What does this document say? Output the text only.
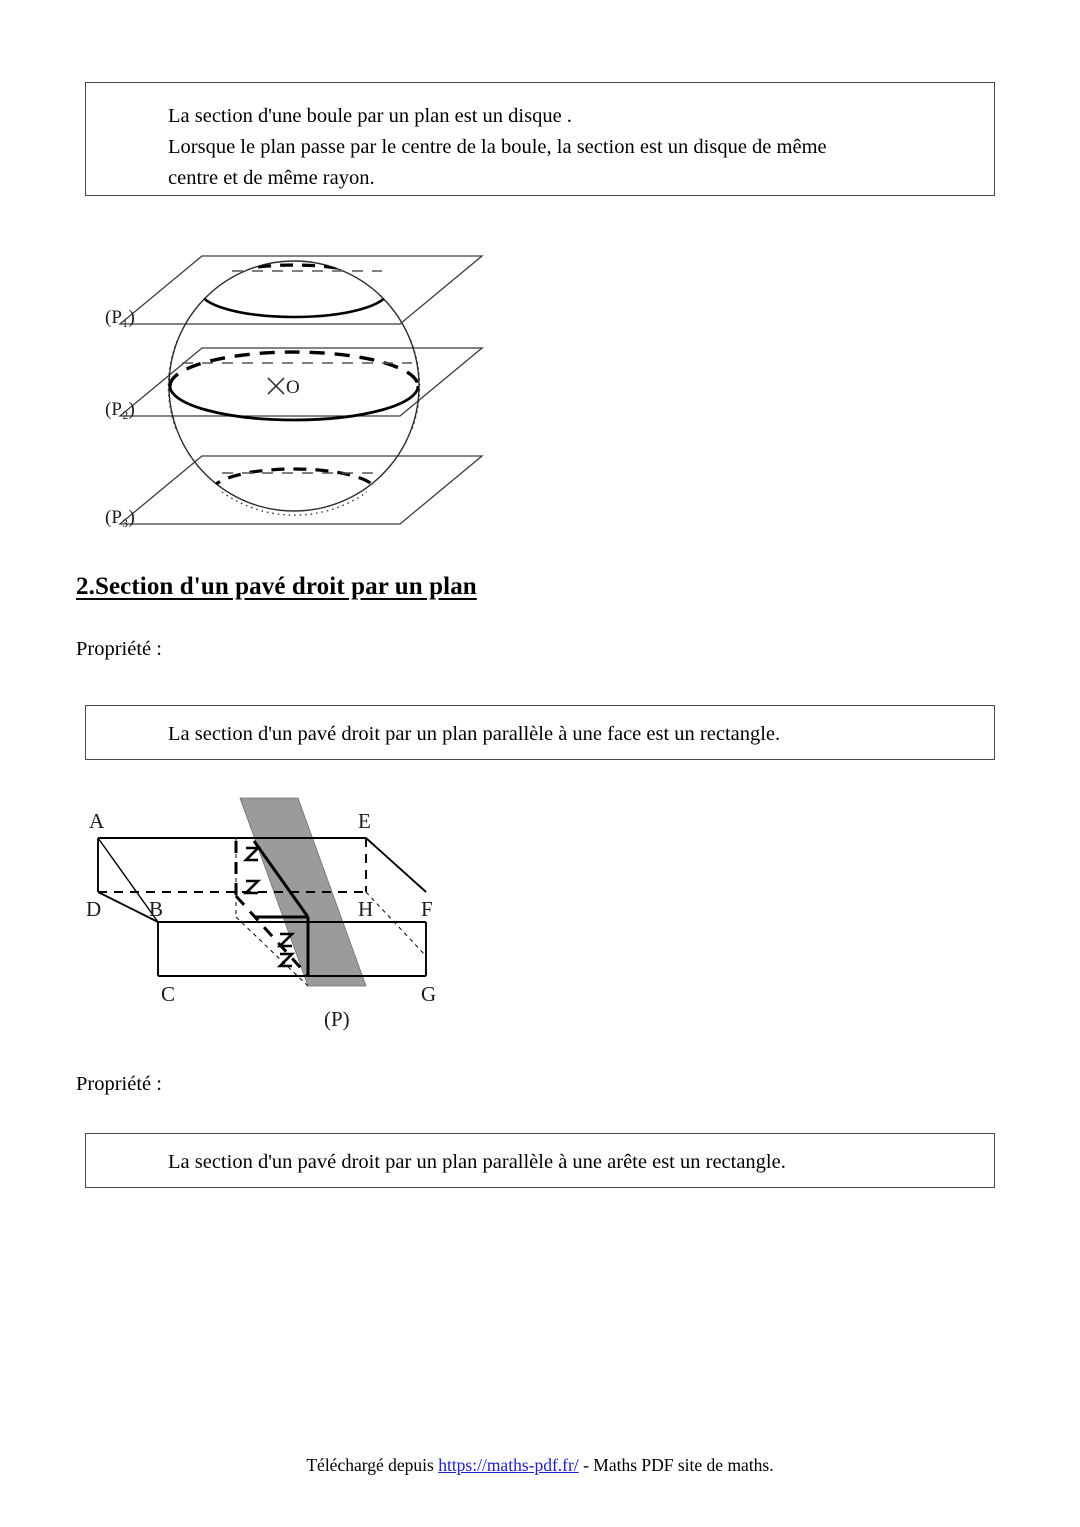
La section d'une boule par un plan est un disque .
Lorsque le plan passe par le centre de la boule, la section est un disque de même
centre et de même rayon.
O
(P₁)
(P₂)
(P₃)
2.Section d'un pavé droit par un plan
Propriété :
La section d'un pavé droit par un plan parallèle à une face est un rectangle.
A	E
D B	H F
C	G
(P)
Propriété :
La section d'un pavé droit par un plan parallèle à une arête est un rectangle.
Téléchargé depuis https://maths-pdf.fr/ - Maths PDF site de maths.
